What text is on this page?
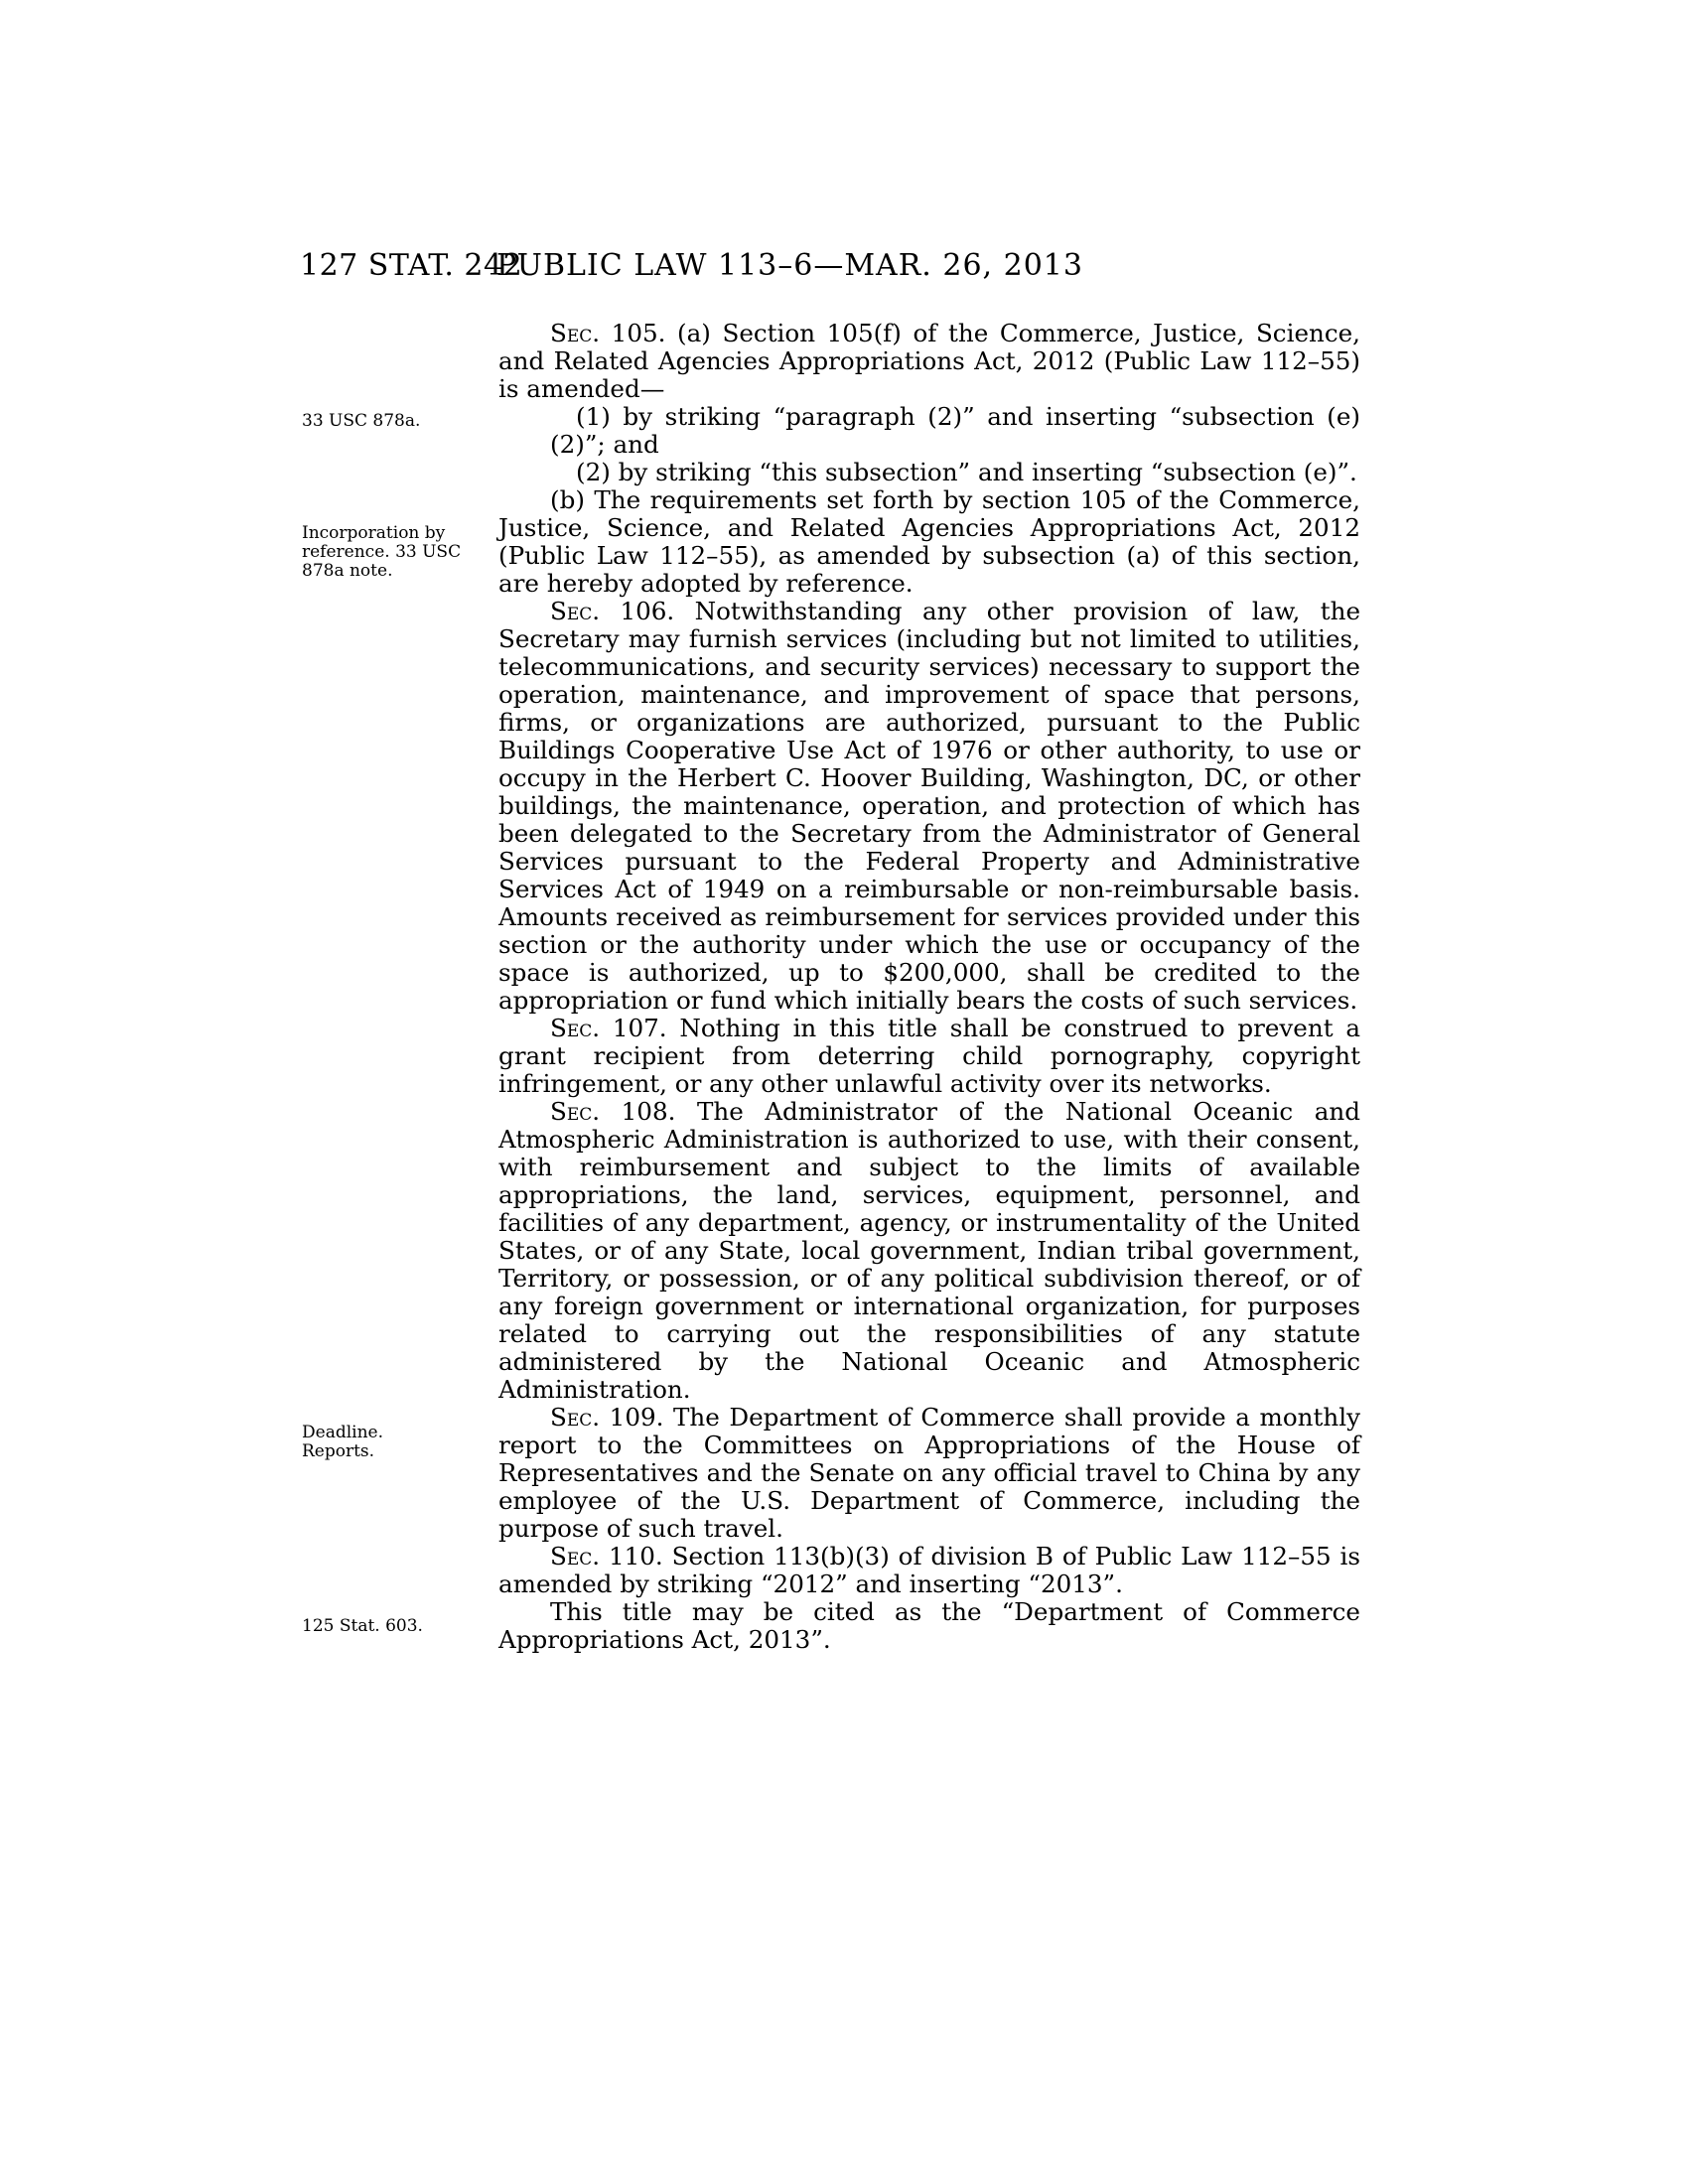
127 STAT. 242
PUBLIC LAW 113–6—MAR. 26, 2013
33 USC 878a.
Incorporation by reference. 33 USC 878a note.
Deadline. Reports.
125 Stat. 603.

Sec. 105. (a) Section 105(f) of the Commerce, Justice, Science, and Related Agencies Appropriations Act, 2012 (Public Law 112–55) is amended—

(1) by striking “paragraph (2)” and inserting “subsection (e)(2)”; and

(2) by striking “this subsection” and inserting “subsection (e)”.

(b) The requirements set forth by section 105 of the Commerce, Justice, Science, and Related Agencies Appropriations Act, 2012 (Public Law 112–55), as amended by subsection (a) of this section, are hereby adopted by reference.

Sec. 106. Notwithstanding any other provision of law, the Secretary may furnish services (including but not limited to utilities, telecommunications, and security services) necessary to support the operation, maintenance, and improvement of space that persons, firms, or organizations are authorized, pursuant to the Public Buildings Cooperative Use Act of 1976 or other authority, to use or occupy in the Herbert C. Hoover Building, Washington, DC, or other buildings, the maintenance, operation, and protection of which has been delegated to the Secretary from the Administrator of General Services pursuant to the Federal Property and Administrative Services Act of 1949 on a reimbursable or non-reimbursable basis. Amounts received as reimbursement for services provided under this section or the authority under which the use or occupancy of the space is authorized, up to $200,000, shall be credited to the appropriation or fund which initially bears the costs of such services.

Sec. 107. Nothing in this title shall be construed to prevent a grant recipient from deterring child pornography, copyright infringement, or any other unlawful activity over its networks.

Sec. 108. The Administrator of the National Oceanic and Atmospheric Administration is authorized to use, with their consent, with reimbursement and subject to the limits of available appropriations, the land, services, equipment, personnel, and facilities of any department, agency, or instrumentality of the United States, or of any State, local government, Indian tribal government, Territory, or possession, or of any political subdivision thereof, or of any foreign government or international organization, for purposes related to carrying out the responsibilities of any statute administered by the National Oceanic and Atmospheric Administration.

Sec. 109. The Department of Commerce shall provide a monthly report to the Committees on Appropriations of the House of Representatives and the Senate on any official travel to China by any employee of the U.S. Department of Commerce, including the purpose of such travel.

Sec. 110. Section 113(b)(3) of division B of Public Law 112–55 is amended by striking “2012” and inserting “2013”.

This title may be cited as the “Department of Commerce Appropriations Act, 2013”.
